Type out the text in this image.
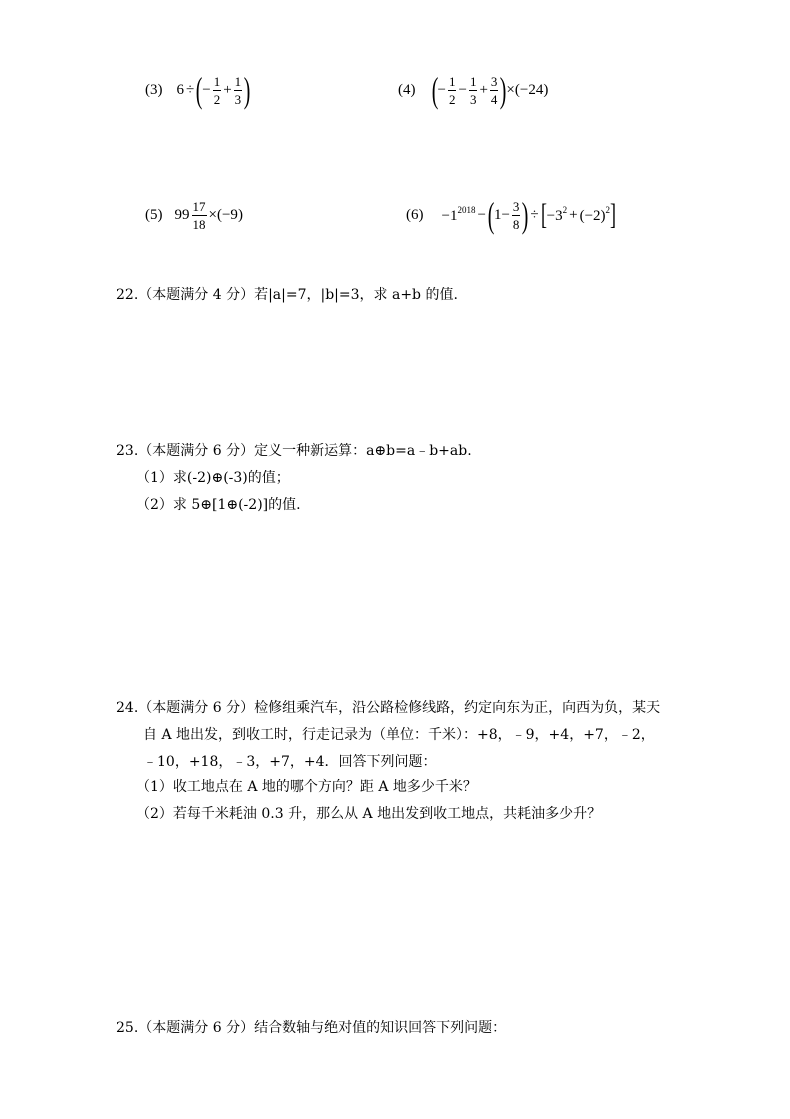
(3) 6 ÷ ( − $\frac{1}{2} + \frac{1}{3}$ )	(4) ( − $\frac{1}{2} - \frac{1}{3} + \frac{3}{4}$ ) × (−24)
(5) $99 \frac{17}{18} \times (-9)$	$(6) -1^{2018}$ − ( $1- \frac{3}{8}$ ) ÷ [ $-3^2 + (-2)^2$ ]
22.（本题满分 4 分）若|a|=7，|b|=3，求 a+b 的值.
23.（本题满分 6 分）定义一种新运算：a⊕b=a﹣b+ab.
（1）求(-2)⊕(-3)的值；
（2）求 5⊕[1⊕(-2)]的值.
24.（本题满分 6 分）检修组乘汽车，沿公路检修线路，约定向东为正，向西为负，某天
自 A 地出发，到收工时，行走记录为（单位：千米）：+8，﹣9，+4，+7，﹣2，
﹣10，+18，﹣3，+7，+4．回答下列问题：
（1）收工地点在 A 地的哪个方向？距 A 地多少千米？
（2）若每千米耗油 0.3 升，那么从 A 地出发到收工地点，共耗油多少升？
25.（本题满分 6 分）结合数轴与绝对值的知识回答下列问题：
